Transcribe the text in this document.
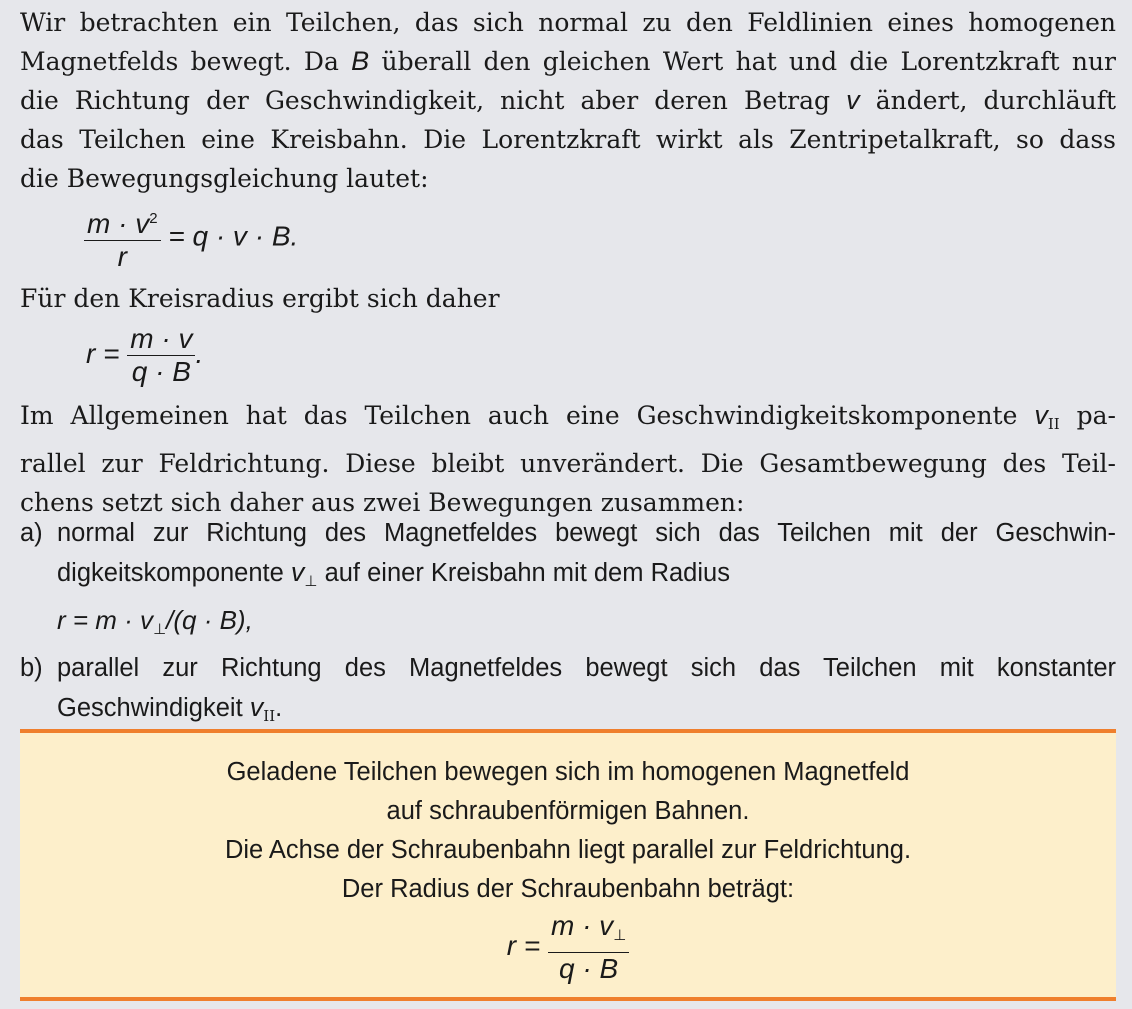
Wir betrachten ein Teilchen, das sich normal zu den Feldlinien eines homogenen
Magnetfelds bewegt. Da B überall den gleichen Wert hat und die Lorentzkraft nur
die Richtung der Geschwindigkeit, nicht aber deren Betrag v ändert, durchläuft
das Teilchen eine Kreisbahn. Die Lorentzkraft wirkt als Zentripetalkraft, so dass
die Bewegungsgleichung lautet:
$\frac{m \cdot v^2}{r} = q \cdot v \cdot B$.
Für den Kreisradius ergibt sich daher
$r = \frac{m \cdot v}{q \cdot B}$ .
Im Allgemeinen hat das Teilchen auch eine Geschwindigkeitskomponente $v_{II}$ pa-
rallel zur Feldrichtung. Diese bleibt unverändert. Die Gesamtbewegung des Teil-
chens setzt sich daher aus zwei Bewegungen zusammen:
a) normal zur Richtung des Magnetfeldes bewegt sich das Teilchen mit der Geschwin-
digkeitskomponente $v_\perp$ auf einer Kreisbahn mit dem Radius
$r = m \cdot v_\perp/(q \cdot B)$,
b) parallel zur Richtung des Magnetfeldes bewegt sich das Teilchen mit konstanter
Geschwindigkeit $v_{II}$.
Geladene Teilchen bewegen sich im homogenen Magnetfeld
auf schraubenförmigen Bahnen.
Die Achse der Schraubenbahn liegt parallel zur Feldrichtung.
Der Radius der Schraubenbahn beträgt:
$r = \frac{m \cdot v_\perp}{q \cdot B}$
